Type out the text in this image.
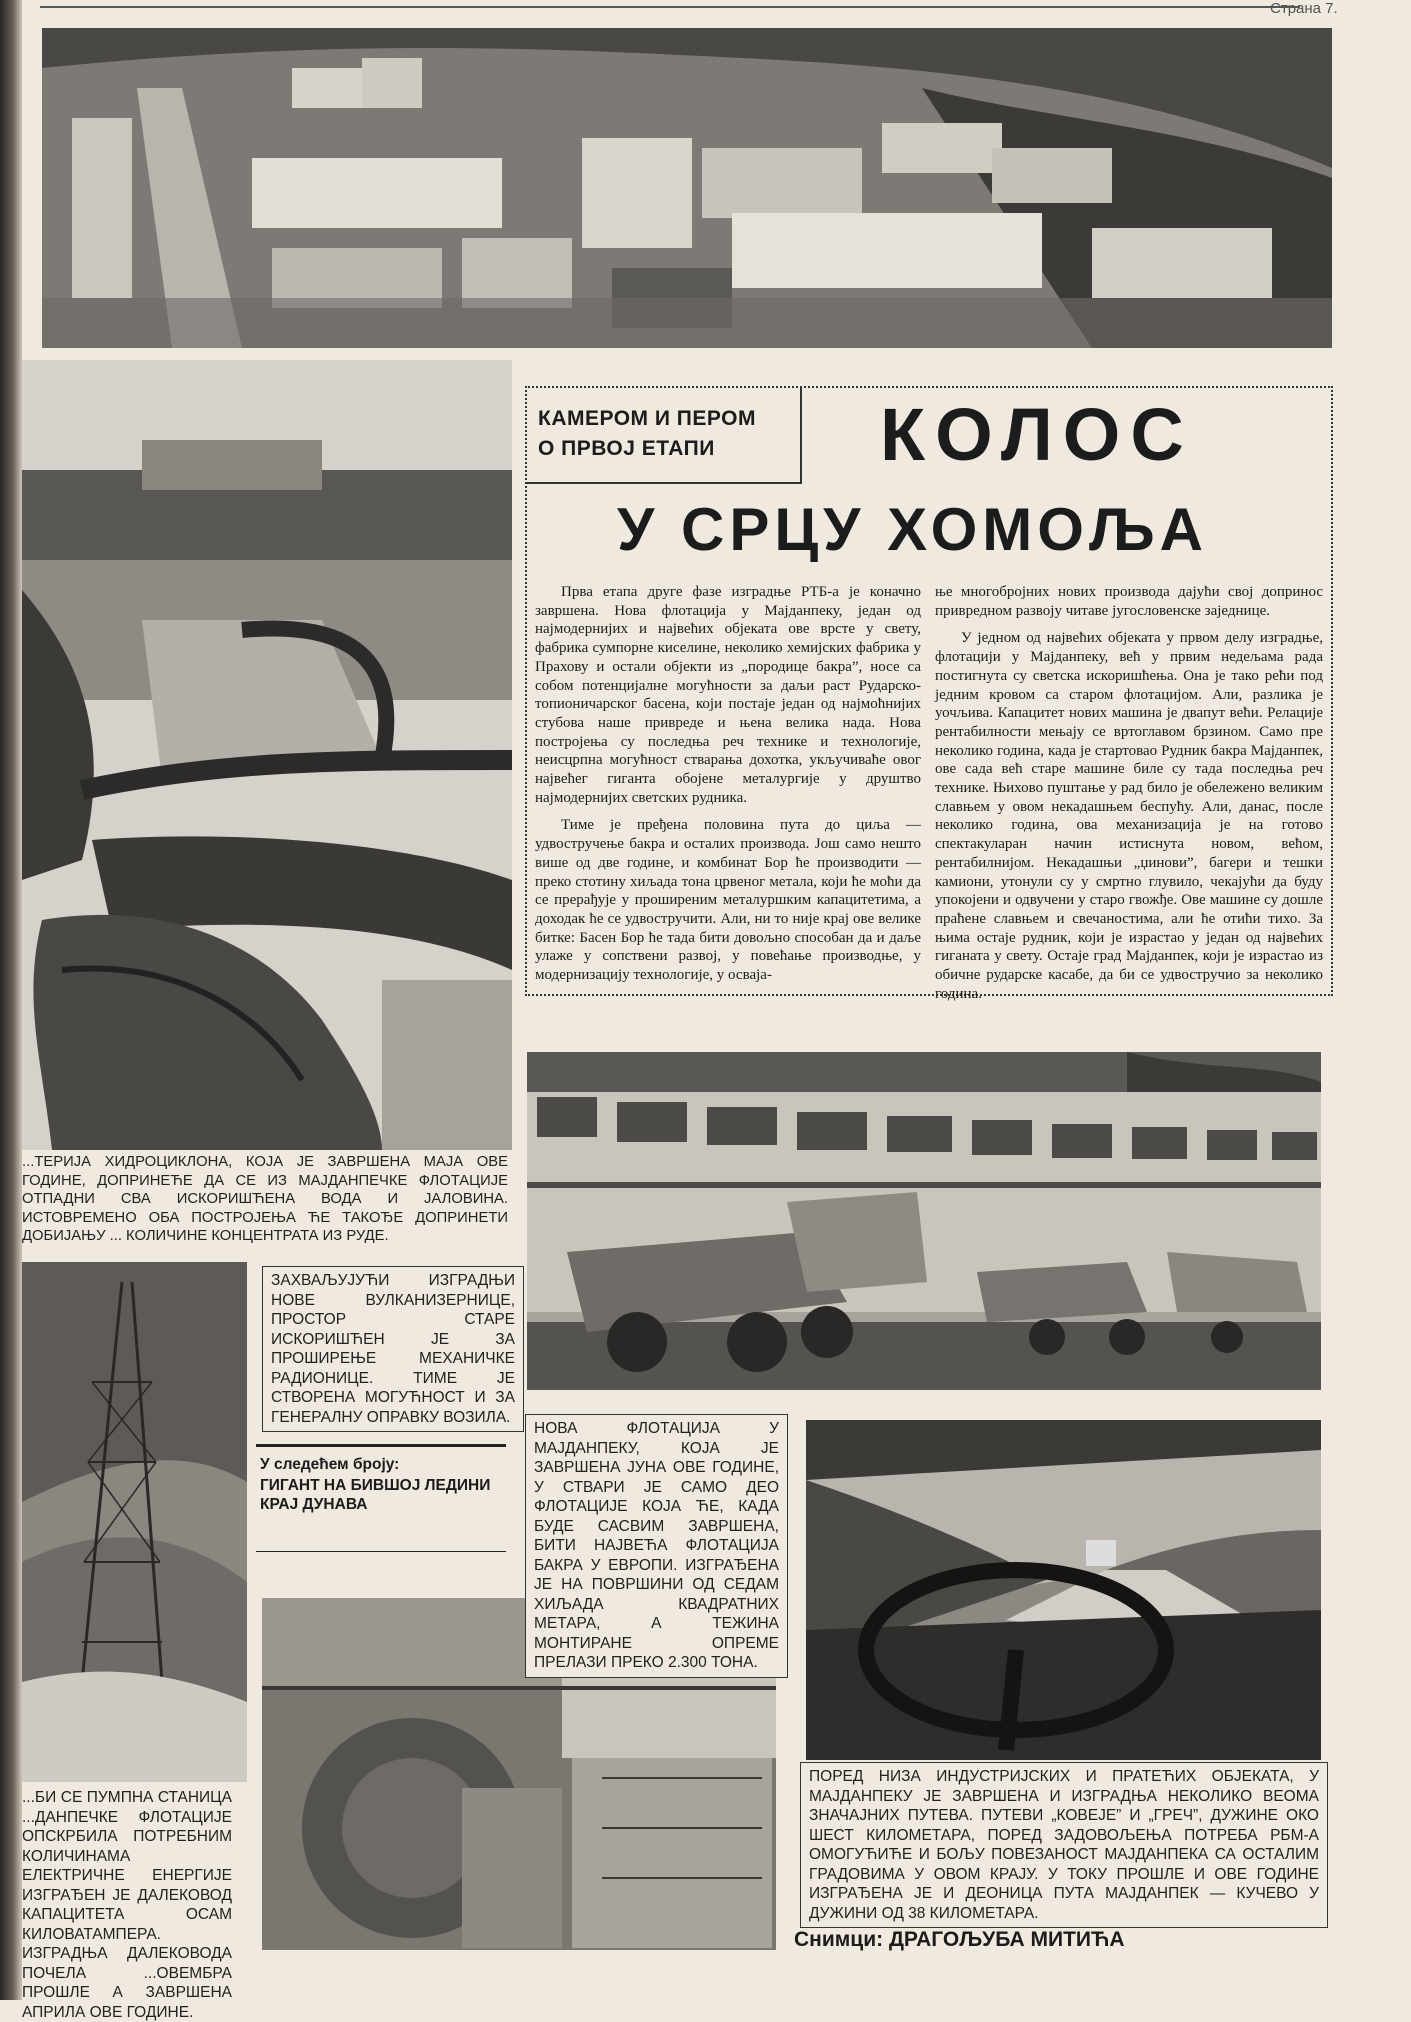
Страна 7.

...ТЕРИЈА ХИДРОЦИКЛОНА, КОЈА ЈЕ ЗАВРШЕНА МАЈА ОВЕ ГОДИНЕ, ДОПРИНЕЋЕ ДА СЕ ИЗ МАЈДАНПЕЧКЕ ФЛОТАЦИЈЕ ОТПАДНИ СВА ИСКОРИШЋЕНА ВОДА И ЈАЛОВИНА. ИСТОВРЕМЕНО ОБА ПОСТРОЈЕЊА ЋЕ ТАКОЂЕ ДОПРИНЕТИ ДОБИЈАЊУ ... КОЛИЧИНЕ КОНЦЕНТРАТА ИЗ РУДЕ.

ЗАХВАЉУЈУЋИ ИЗГРАДЊИ НОВЕ ВУЛКАНИЗЕРНИЦЕ, ПРОСТОР СТАРЕ ИСКОРИШЋЕН ЈЕ ЗА ПРОШИРЕЊЕ МЕХАНИЧКЕ РАДИОНИЦЕ. ТИМЕ ЈЕ СТВОРЕНА МОГУЋНОСТ И ЗА ГЕНЕРАЛНУ ОПРАВКУ ВОЗИЛА.

У следећем броју:
ГИГАНТ НА БИВШОЈ ЛЕДИНИ КРАЈ ДУНАВА

...БИ СЕ ПУМПНА СТАНИЦА ...ДАНПЕЧКЕ ФЛОТАЦИЈЕ ОПСКРБИЛА ПОТРЕБНИМ КОЛИЧИНАМА ЕЛЕКТРИЧНЕ ЕНЕРГИЈЕ ИЗГРАЂЕН ЈЕ ДАЛЕКОВОД КАПАЦИТЕТА ОСАМ КИЛОВАТАМПЕРА. ИЗГРАДЊА ДАЛЕКОВОДА ПОЧЕЛА ...ОВЕМБРА ПРОШЛЕ А ЗАВРШЕНА АПРИЛА ОВЕ ГОДИНЕ.

КАМЕРОМ И ПЕРОМ
О ПРВОЈ ЕТАПИ	КОЛОС
У СРЦУ ХОМОЉА

Прва етапа друге фазе изградње РТБ-а је коначно завршена. Нова флотација у Мајданпеку, један од најмодернијих и највећих објеката ове врсте у свету, фабрика сумпорне киселине, неколико хемијских фабрика у Прахову и остали објекти из „породице бакра”, носе са собом потенцијалне могућности за даљи раст Рударско-топионичарског басена, који постаје један од најмоћнијих стубова наше привреде и њена велика нада. Нова постројења су последња реч технике и технологије, неисцрпна могућност стварања дохотка, укључиваће овог највећег гиганта обојене металургије у друштво најмодернијих светских рудника.

Тиме је пређена половина пута до циља — удвостручење бакра и осталих производа. Још само нешто више од две године, и комбинат Бор ће производити — преко стотину хиљада тона црвеног метала, који ће моћи да се прерађује у проширеним металуршким капацитетима, а доходак ће се удвостручити. Али, ни то није крај ове велике битке: Басен Бор ће тада бити довољно способан да и даље улаже у сопствени развој, у повећање производње, у модернизацију технологије, у осваја-

ње многобројних нових производа дајући свој допринос привредном развоју читаве југословенске заједнице.

У једном од највећих објеката у првом делу изградње, флотацији у Мајданпеку, већ у првим недељама рада постигнута су светска искоришћења. Она је тако рећи под једним кровом са старом флотацијом. Али, разлика је уочљива. Капацитет нових машина је двапут већи. Релације рентабилности мењају се вртоглавом брзином. Само пре неколико година, када је стартовао Рудник бакра Мајданпек, ове сада већ старе машине биле су тада последња реч технике. Њихово пуштање у рад било је обележено великим славњем у овом некадашњем беспућу. Али, данас, после неколико година, ова механизација је на готово спектакуларан начин истиснута новом, већом, рентабилнијом. Некадашњи „џинови”, багери и тешки камиони, утонули су у смртно глувило, чекајући да буду упокојени и одвучени у старо гвожђе. Ове машине су дошле праћене славњем и свечаностима, али ће отићи тихо. За њима остаје рудник, који је израстао у један од највећих гиганата у свету. Остаје град Мајданпек, који је израстао из обичне рударске касабе, да би се удвостручио за неколико година.

НОВА ФЛОТАЦИЈА У МАЈДАНПЕКУ, КОЈА ЈЕ ЗАВРШЕНА ЈУНА ОВЕ ГОДИНЕ, У СТВАРИ ЈЕ САМО ДЕО ФЛОТАЦИЈЕ КОЈА ЋЕ, КАДА БУДЕ САСВИМ ЗАВРШЕНА, БИТИ НАЈВЕЋА ФЛОТАЦИЈА БАКРА У ЕВРОПИ. ИЗГРАЂЕНА ЈЕ НА ПОВРШИНИ ОД СЕДАМ ХИЉАДА КВАДРАТНИХ МЕТАРА, А ТЕЖИНА МОНТИРАНЕ ОПРЕМЕ ПРЕЛАЗИ ПРЕКО 2.300 ТОНА.

ПОРЕД НИЗА ИНДУСТРИЈСКИХ И ПРАТЕЋИХ ОБЈЕКАТА, У МАЈДАНПЕКУ ЈЕ ЗАВРШЕНА И ИЗГРАДЊА НЕКОЛИКО ВЕОМА ЗНАЧАЈНИХ ПУТЕВА. ПУТЕВИ „КОВЕЈЕ” И „ГРЕЧ”, ДУЖИНЕ ОКО ШЕСТ КИЛОМЕТАРА, ПОРЕД ЗАДОВОЉЕЊА ПОТРЕБА РБМ-А ОМОГУЋИЋЕ И БОЉУ ПОВЕЗАНОСТ МАЈДАНПЕКА СА ОСТАЛИМ ГРАДОВИМА У ОВОМ КРАЈУ. У ТОКУ ПРОШЛЕ И ОВЕ ГОДИНЕ ИЗГРАЂЕНА ЈЕ И ДЕОНИЦА ПУТА МАЈДАНПЕК — КУЧЕВО У ДУЖИНИ ОД 38 КИЛОМЕТАРА.

Снимци: ДРАГОЉУБА МИТИЋА
